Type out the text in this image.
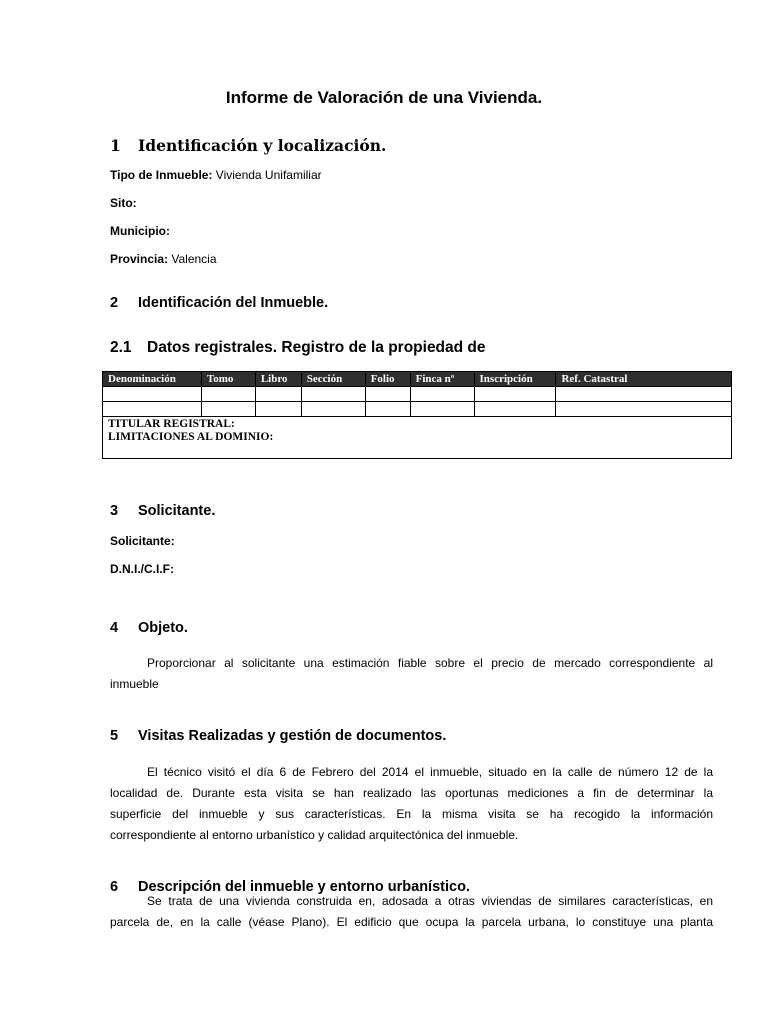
Informe de Valoración de una Vivienda.
1 Identificación y localización.
Tipo de Inmueble: Vivienda Unifamiliar
Sito:
Municipio:
Provincia: Valencia
2 Identificación del Inmueble.
2.1 Datos registrales. Registro de la propiedad de
Denominación	Tomo	Libro	Sección	Folio	Finca nº	Inscripción	Ref. Catastral

TITULAR REGISTRAL:
LIMITACIONES AL DOMINIO:							
3 Solicitante.
Solicitante:
D.N.I./C.I.F:
4 Objeto.
Proporcionar al solicitante una estimación fiable sobre el precio de mercado correspondiente al
inmueble
5 Visitas Realizadas y gestión de documentos.
El técnico visitó el día 6 de Febrero del 2014 el inmueble, situado en la calle de número 12 de la
localidad de. Durante esta visita se han realizado las oportunas mediciones a fin de determinar la
superficie del inmueble y sus características. En la misma visita se ha recogido la información
correspondiente al entorno urbanístico y calidad arquitectónica del inmueble.
6 Descripción del inmueble y entorno urbanístico.
Se trata de una vivienda construida en, adosada a otras viviendas de similares características, en
parcela de, en la calle (véase Plano). El edificio que ocupa la parcela urbana, lo constituye una planta
